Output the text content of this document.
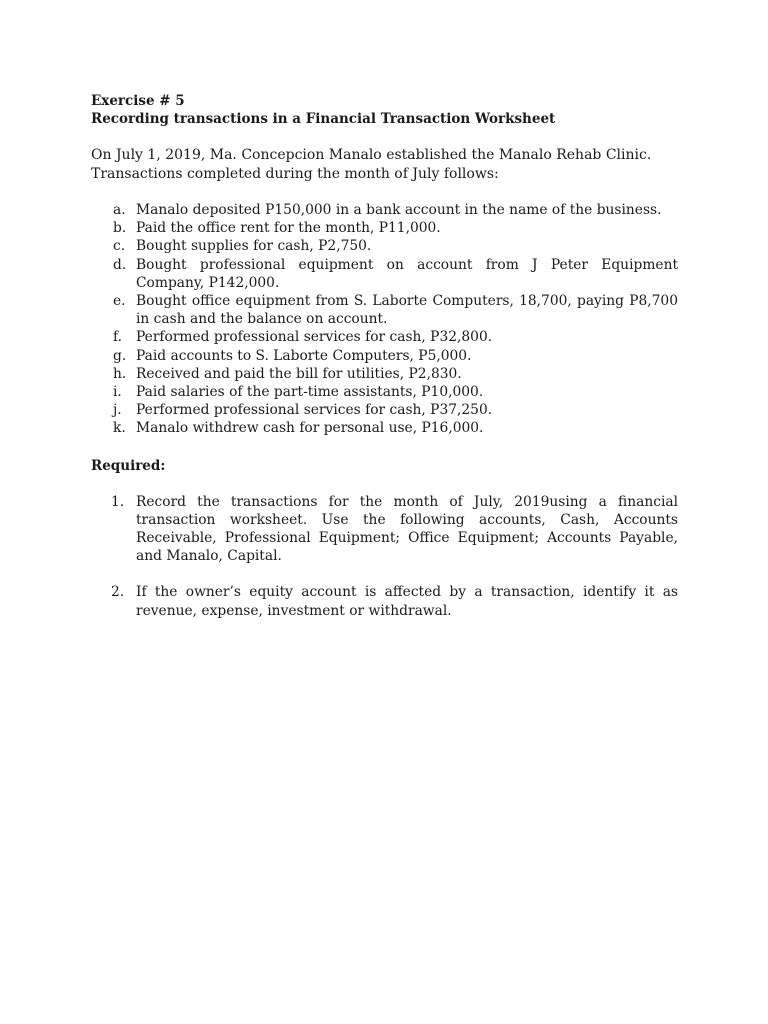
Exercise # 5

Recording transactions in a Financial Transaction Worksheet

On July 1, 2019, Ma. Concepcion Manalo established the Manalo Rehab Clinic. Transactions completed during the month of July follows:

a. Manalo deposited P150,000 in a bank account in the name of the business.
b. Paid the office rent for the month, P11,000.
c. Bought supplies for cash, P2,750.
d. Bought professional equipment on account from J Peter Equipment Company, P142,000.
e. Bought office equipment from S. Laborte Computers, 18,700, paying P8,700 in cash and the balance on account.
f. Performed professional services for cash, P32,800.
g. Paid accounts to S. Laborte Computers, P5,000.
h. Received and paid the bill for utilities, P2,830.
i. Paid salaries of the part-time assistants, P10,000.
j. Performed professional services for cash, P37,250.
k. Manalo withdrew cash for personal use, P16,000.

Required:

1. Record the transactions for the month of July, 2019using a financial transaction worksheet. Use the following accounts, Cash, Accounts Receivable, Professional Equipment; Office Equipment; Accounts Payable, and Manalo, Capital.
2. If the owner’s equity account is affected by a transaction, identify it as revenue, expense, investment or withdrawal.
